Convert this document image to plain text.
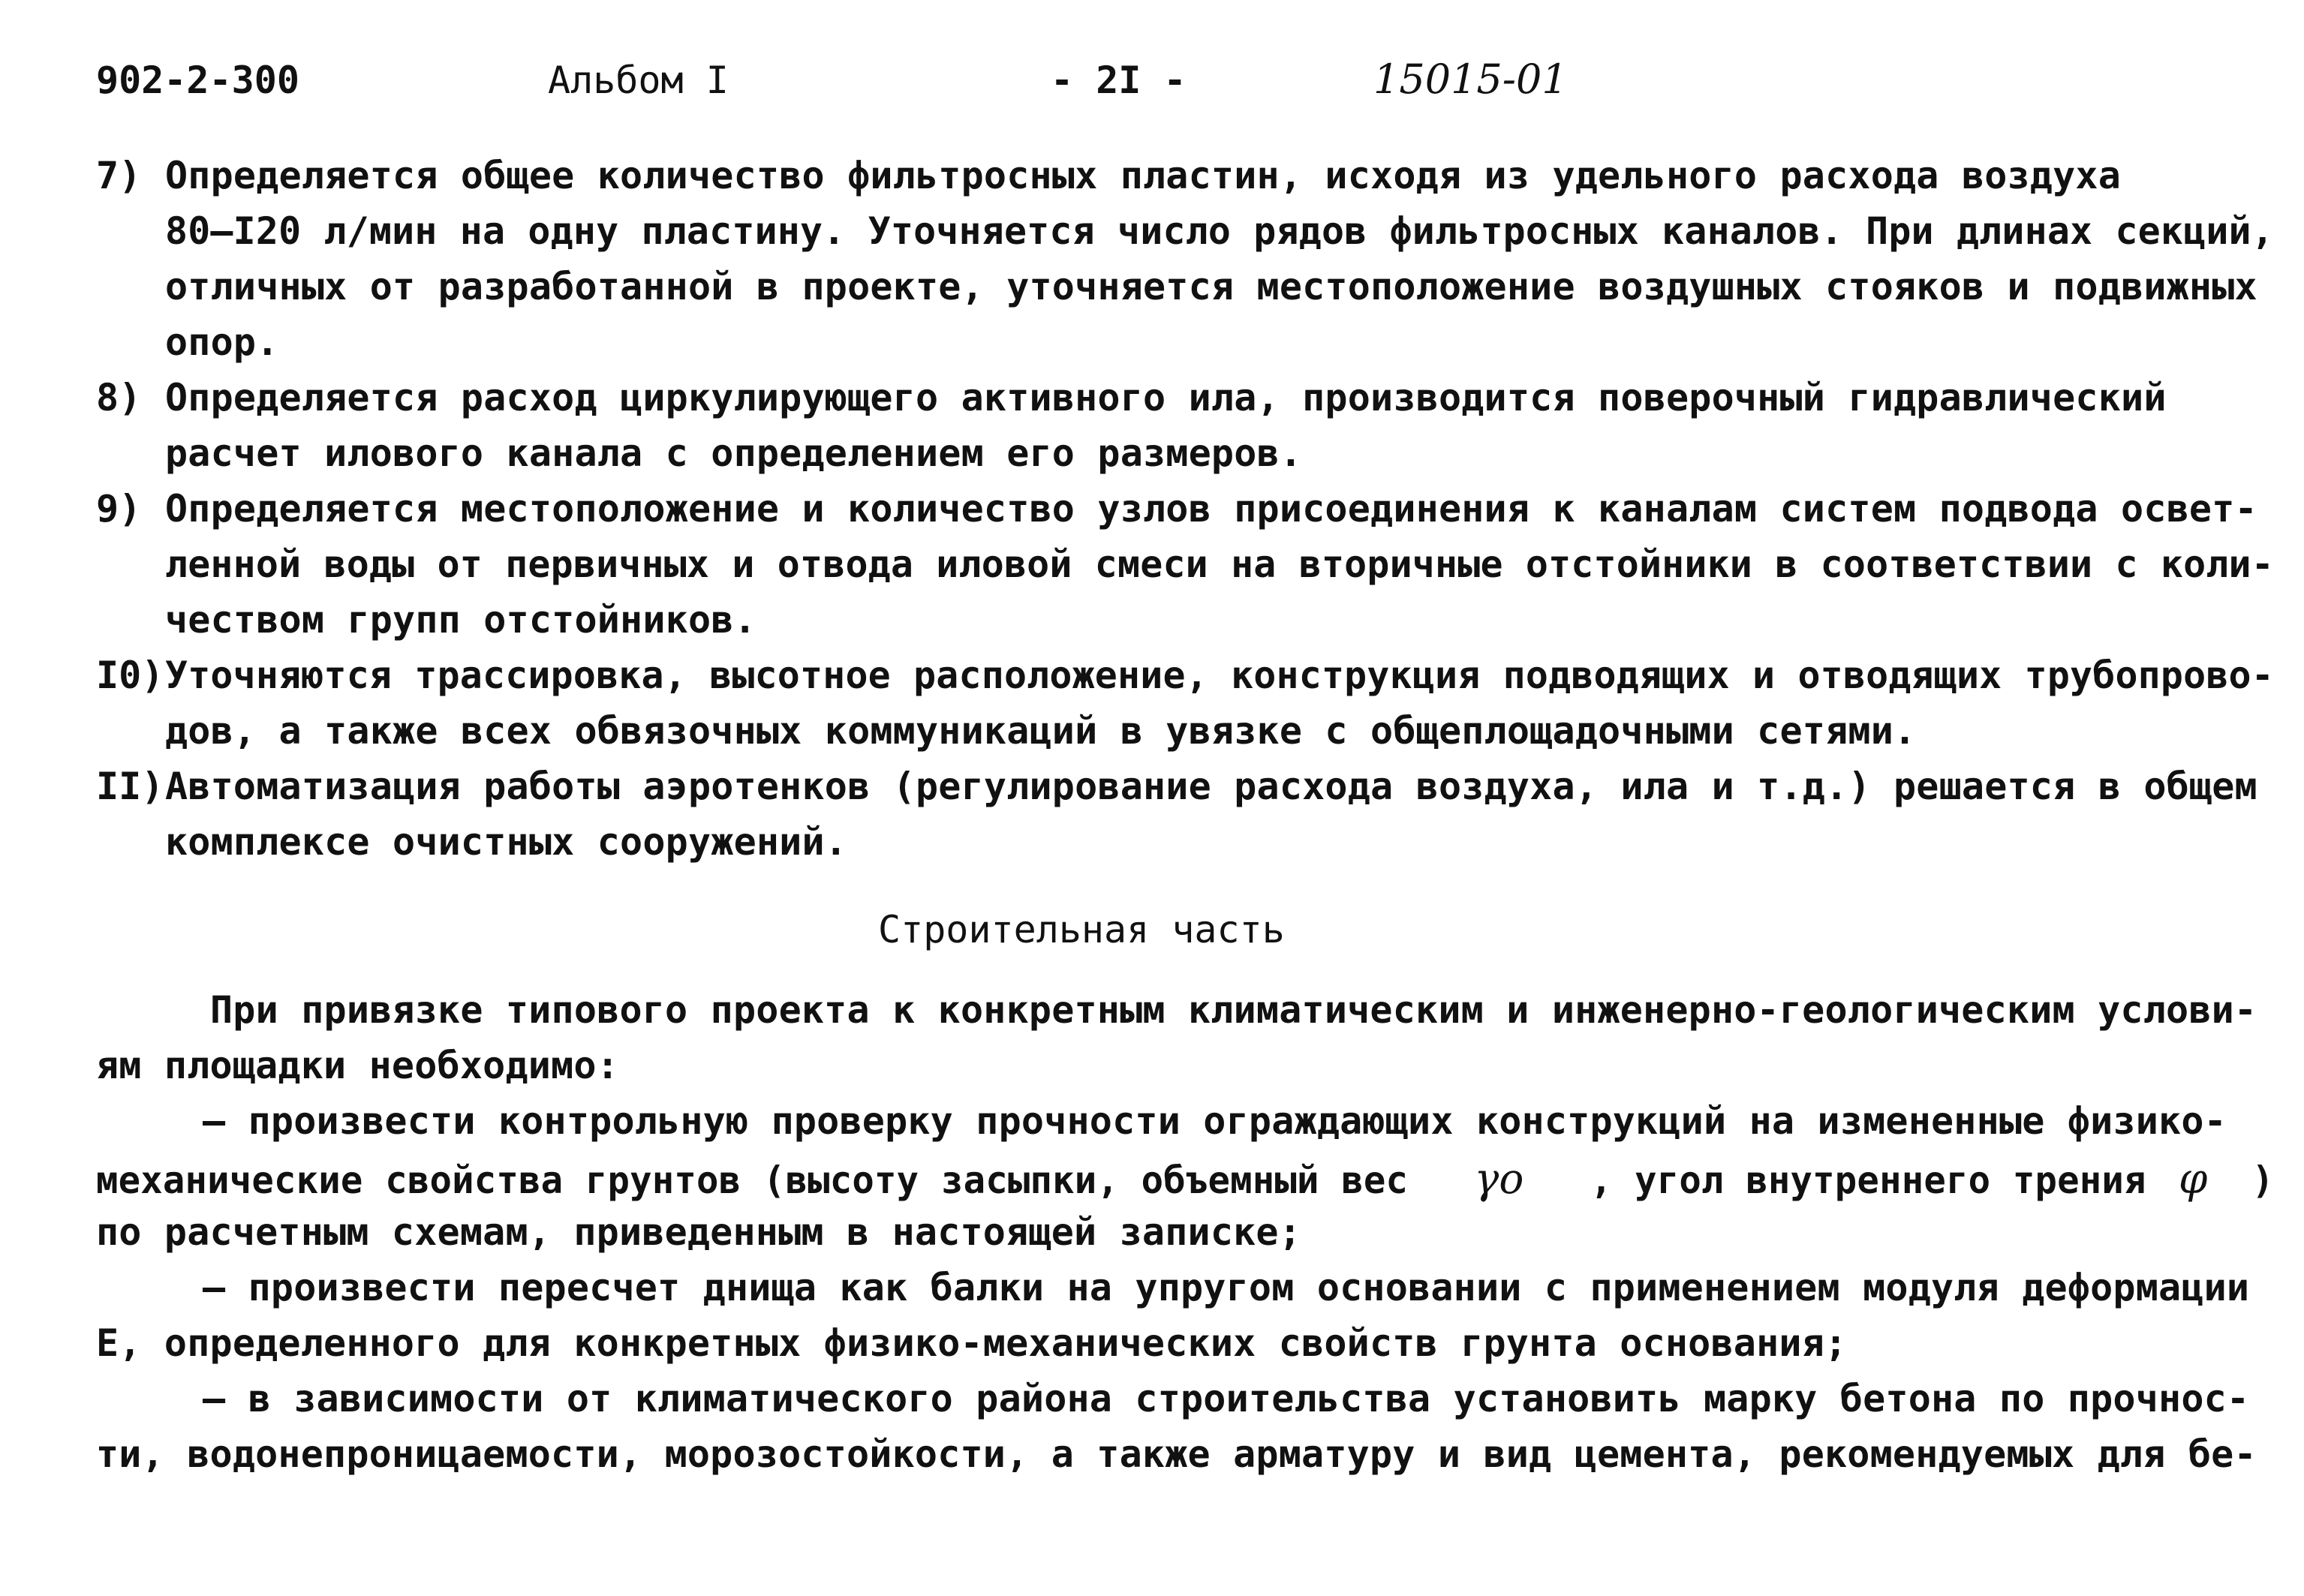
902-2-300	Альбом I	- 2I -	15015-01
7) Определяется общее количество фильтросных пластин, исходя из удельного расхода воздуха
80–I20 л/мин на одну пластину. Уточняется число рядов фильтросных каналов. При длинах секций,
отличных от разработанной в проекте, уточняется местоположение воздушных стояков и подвижных
опор.
8) Определяется расход циркулирующего активного ила, производится поверочный гидравлический
расчет илового канала с определением его размеров.
9) Определяется местоположение и количество узлов присоединения к каналам систем подвода освет-
ленной воды от первичных и отвода иловой смеси на вторичные отстойники в соответствии с коли-
чеством групп отстойников.
I0) Уточняются трассировка, высотное расположение, конструкция подводящих и отводящих трубопрово-
дов, а также всех обвязочных коммуникаций в увязке с общеплощадочными сетями.
II) Автоматизация работы аэротенков (регулирование расхода воздуха, ила и т.д.) решается в общем
комплексе очистных сооружений.
Строительная часть
При привязке типового проекта к конкретным климатическим и инженерно-геологическим услови-
ям площадки необходимо:
– произвести контрольную проверку прочности ограждающих конструкций на измененные физико-
механические свойства грунтов (высоту засыпки, объемный вес γo , угол внутреннего трения φ )
по расчетным схемам, приведенным в настоящей записке;
– произвести пересчет днища как балки на упругом основании с применением модуля деформации
Е, определенного для конкретных физико-механических свойств грунта основания;
– в зависимости от климатического района строительства установить марку бетона по прочнос-
ти, водонепроницаемости, морозостойкости, а также арматуру и вид цемента, рекомендуемых для бе-
